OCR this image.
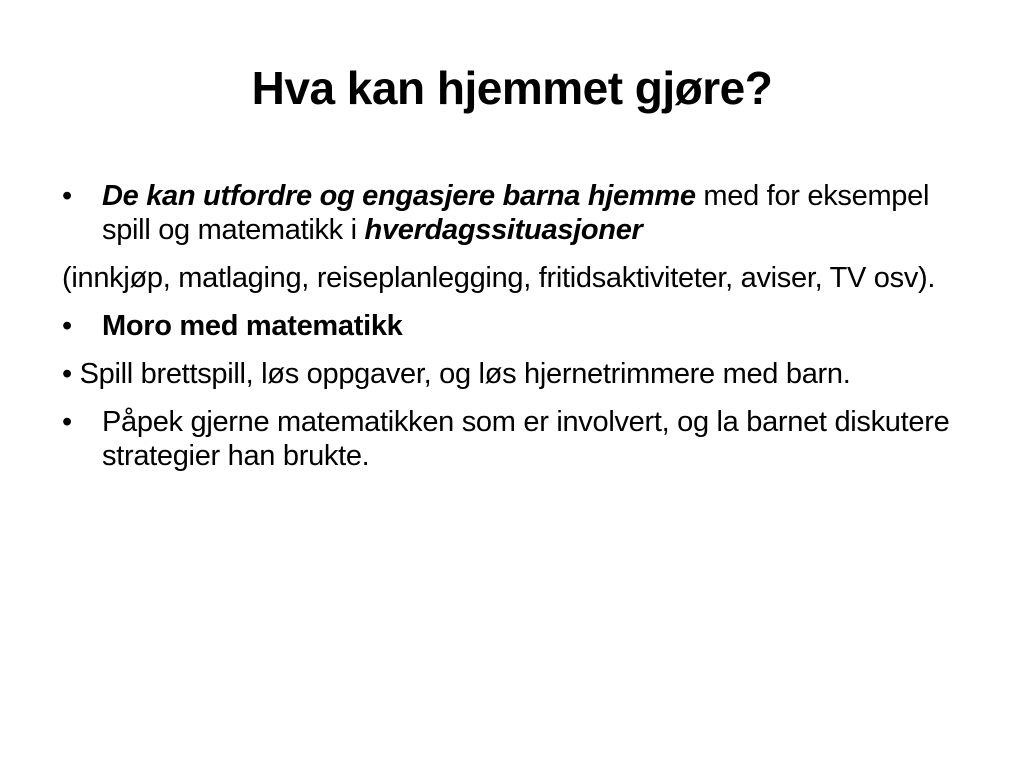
Hva kan hjemmet gjøre?
• De kan utfordre og engasjere barna hjemme med for eksempel spill og matematikk i hverdagssituasjoner
(innkjøp, matlaging, reiseplanlegging, fritidsaktiviteter, aviser, TV osv).
• Moro med matematikk
• Spill brettspill, løs oppgaver, og løs hjernetrimmere med barn.
• Påpek gjerne matematikken som er involvert, og la barnet diskutere strategier han brukte.
